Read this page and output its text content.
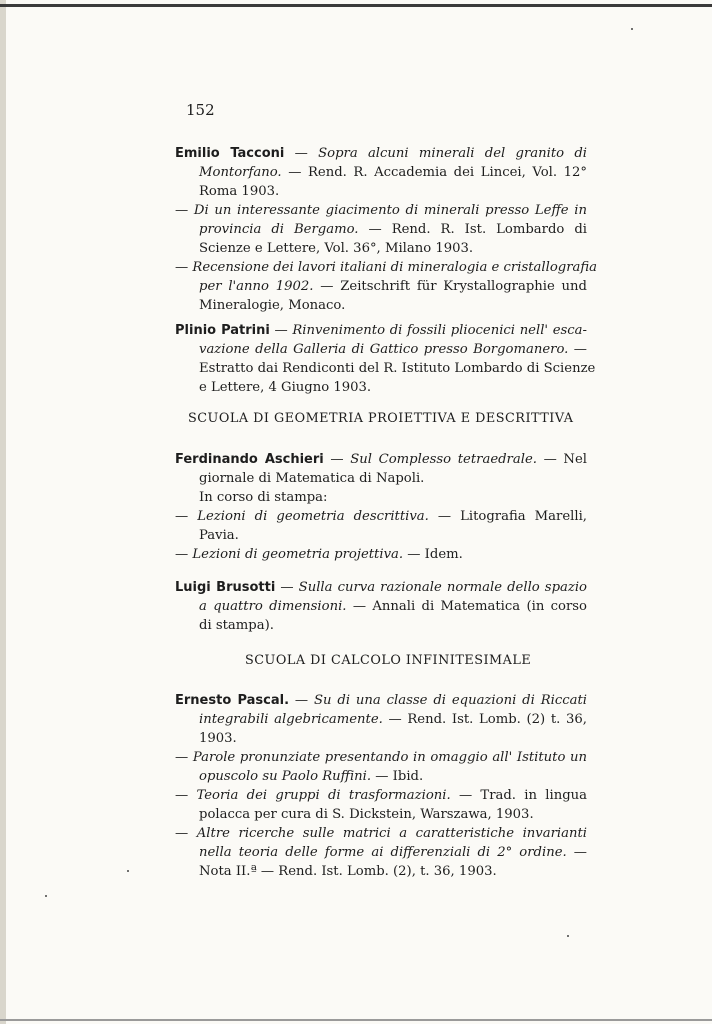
152
Emilio Tacconi — Sopra alcuni minerali del granito di
Montorfano. — Rend. R. Accademia dei Lincei, Vol. 12°
Roma 1903.
— Di un interessante giacimento di minerali presso Leffe in
provincia di Bergamo. — Rend. R. Ist. Lombardo di
Scienze e Lettere, Vol. 36°, Milano 1903.
— Recensione dei lavori italiani di mineralogia e cristallografia
per l'anno 1902. — Zeitschrift für Krystallographie und
Mineralogie, Monaco.
Plinio Patrini — Rinvenimento di fossili pliocenici nell' esca-
vazione della Galleria di Gattico presso Borgomanero. —
Estratto dai Rendiconti del R. Istituto Lombardo di Scienze
e Lettere, 4 Giugno 1903.
SCUOLA DI GEOMETRIA PROIETTIVA E DESCRITTIVA
Ferdinando Aschieri — Sul Complesso tetraedrale. — Nel
giornale di Matematica di Napoli.
In corso di stampa:
— Lezioni di geometria descrittiva. — Litografia Marelli,
Pavia.
— Lezioni di geometria projettiva. — Idem.
Luigi Brusotti — Sulla curva razionale normale dello spazio
a quattro dimensioni. — Annali di Matematica (in corso
di stampa).
SCUOLA DI CALCOLO INFINITESIMALE
Ernesto Pascal. — Su di una classe di equazioni di Riccati
integrabili algebricamente. — Rend. Ist. Lomb. (2) t. 36,
1903.
— Parole pronunziate presentando in omaggio all' Istituto un
opuscolo su Paolo Ruffini. — Ibid.
— Teoria dei gruppi di trasformazioni. — Trad. in lingua
polacca per cura di S. Dickstein, Warszawa, 1903.
— Altre ricerche sulle matrici a caratteristiche invarianti
nella teoria delle forme ai differenziali di 2° ordine. —
Nota II.ª — Rend. Ist. Lomb. (2), t. 36, 1903.
